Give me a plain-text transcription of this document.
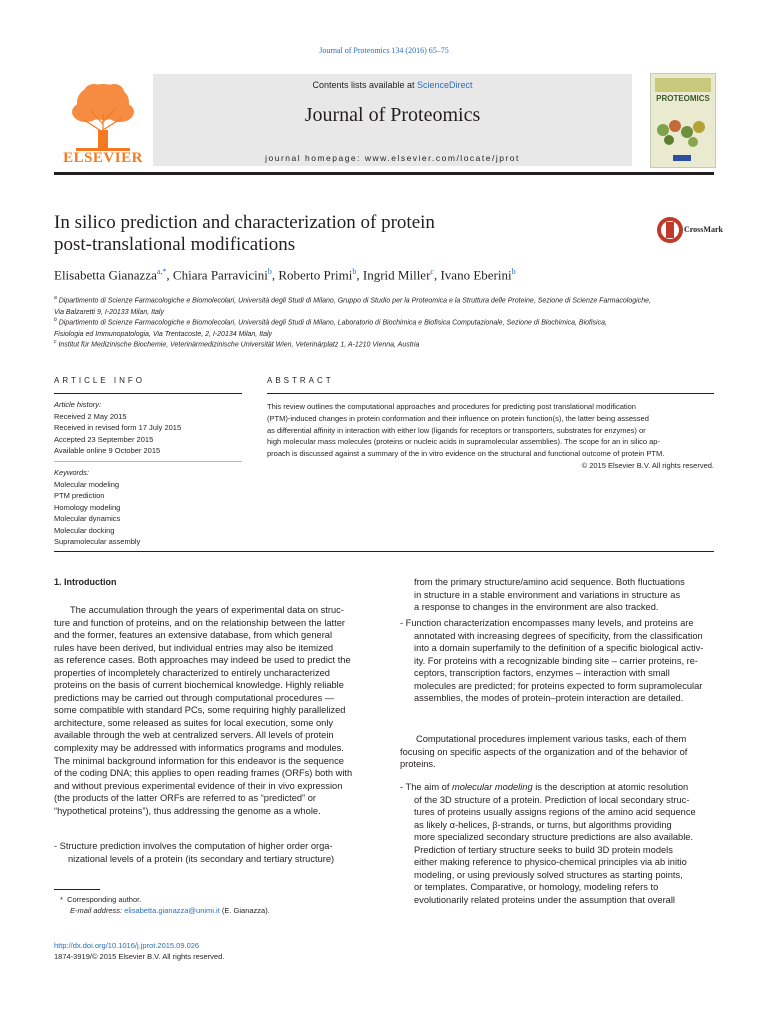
Journal of Proteomics 134 (2016) 65–75
ELSEVIER
Contents lists available at ScienceDirect
Journal of Proteomics
journal homepage: www.elsevier.com/locate/jprot
PROTEOMICS
In silico prediction and characterization of protein
post-translational modifications
CrossMark
Elisabetta Gianazza$^{a,*}$, Chiara Parravicini$^b$, Roberto Primi$^b$, Ingrid Miller$^c$, Ivano Eberini$^b$
$^a$ Dipartimento di Scienze Farmacologiche e Biomolecolari, Università degli Studi di Milano, Gruppo di Studio per la Proteomica e la Struttura delle Proteine, Sezione di Scienze Farmacologiche,
Via Balzaretti 9, I-20133 Milan, Italy
$^b$ Dipartimento di Scienze Farmacologiche e Biomolecolari, Università degli Studi di Milano, Laboratorio di Biochimica e Biofisica Computazionale, Sezione di Biochimica, Biofisica,
Fisiologia ed Immunopatologia, Via Trentacoste, 2, I-20134 Milan, Italy
$^c$ Institut für Medizinische Biochemie, Veterinärmedizinische Universität Wien, Veterinärplatz 1, A-1210 Vienna, Austria
ARTICLE INFO	ABSTRACT
Article history:
Received 2 May 2015
Received in revised form 17 July 2015
Accepted 23 September 2015
Available online 9 October 2015
Keywords:
Molecular modeling
PTM prediction
Homology modeling
Molecular dynamics
Molecular docking
Supramolecular assembly
This review outlines the computational approaches and procedures for predicting post translational modification
(PTM)-induced changes in protein conformation and their influence on protein function(s), the latter being assessed
as differential affinity in interaction with either low (ligands for receptors or transporters, substrates for enzymes) or
high molecular mass molecules (proteins or nucleic acids in supramolecular assemblies). The scope for an in silico ap-
proach is discussed against a summary of the in vitro evidence on the structural and functional outcome of protein PTM.
© 2015 Elsevier B.V. All rights reserved.
1. Introduction

The accumulation through the years of experimental data on struc-

ture and function of proteins, and on the relationship between the latter

and the former, features an extensive database, from which general

rules have been derived, but individual entries may also be itemized

as reference cases. Both approaches may indeed be used to predict the

properties of incompletely characterized to entirely uncharacterized

proteins on the basis of current biochemical knowledge. Highly reliable

predictions may be carried out through computational procedures —

some compatible with standard PCs, some requiring highly parallelized

architecture, some released as suites for local execution, some only

available through the web at centralized servers. All levels of protein

complexity may be addressed with informatics programs and modules.

The minimal background information for this endeavor is the sequence

of the coding DNA; this applies to open reading frames (ORFs) both with

and without previous experimental evidence of their in vivo expression

(the products of the latter ORFs are referred to as “predicted” or

“hypothetical proteins”), thus addressing the genome as a whole.

- Structure prediction involves the computation of higher order orga-

nizational levels of a protein (its secondary and tertiary structure)

* Corresponding author.
E-mail address: elisabetta.gianazza@unimi.it (E. Gianazza).
http://dx.doi.org/10.1016/j.jprot.2015.09.026
1874-3919/© 2015 Elsevier B.V. All rights reserved.

from the primary structure/amino acid sequence. Both fluctuations

in structure in a stable environment and variations in structure as

a response to changes in the environment are also tracked.

- Function characterization encompasses many levels, and proteins are

annotated with increasing degrees of specificity, from the classification

into a domain superfamily to the definition of a specific biological activ-

ity. For proteins with a recognizable binding site – carrier proteins, re-

ceptors, transcription factors, enzymes – interaction with small

molecules are predicted; for proteins expected to form supramolecular

assemblies, the modes of protein–protein interaction are detailed.

Computational procedures implement various tasks, each of them

focusing on specific aspects of the organization and of the behavior of

proteins.

- The aim of molecular modeling is the description at atomic resolution

of the 3D structure of a protein. Prediction of local secondary struc-

tures of proteins usually assigns regions of the amino acid sequence

as likely α-helices, β-strands, or turns, but algorithms providing

more specialized secondary structure predictions are also available.

Prediction of tertiary structure seeks to build 3D protein models

either making reference to physico-chemical principles via ab initio

modeling, or using previously solved structures as starting points,

or templates. Comparative, or homology, modeling refers to

evolutionarily related proteins under the assumption that overall
